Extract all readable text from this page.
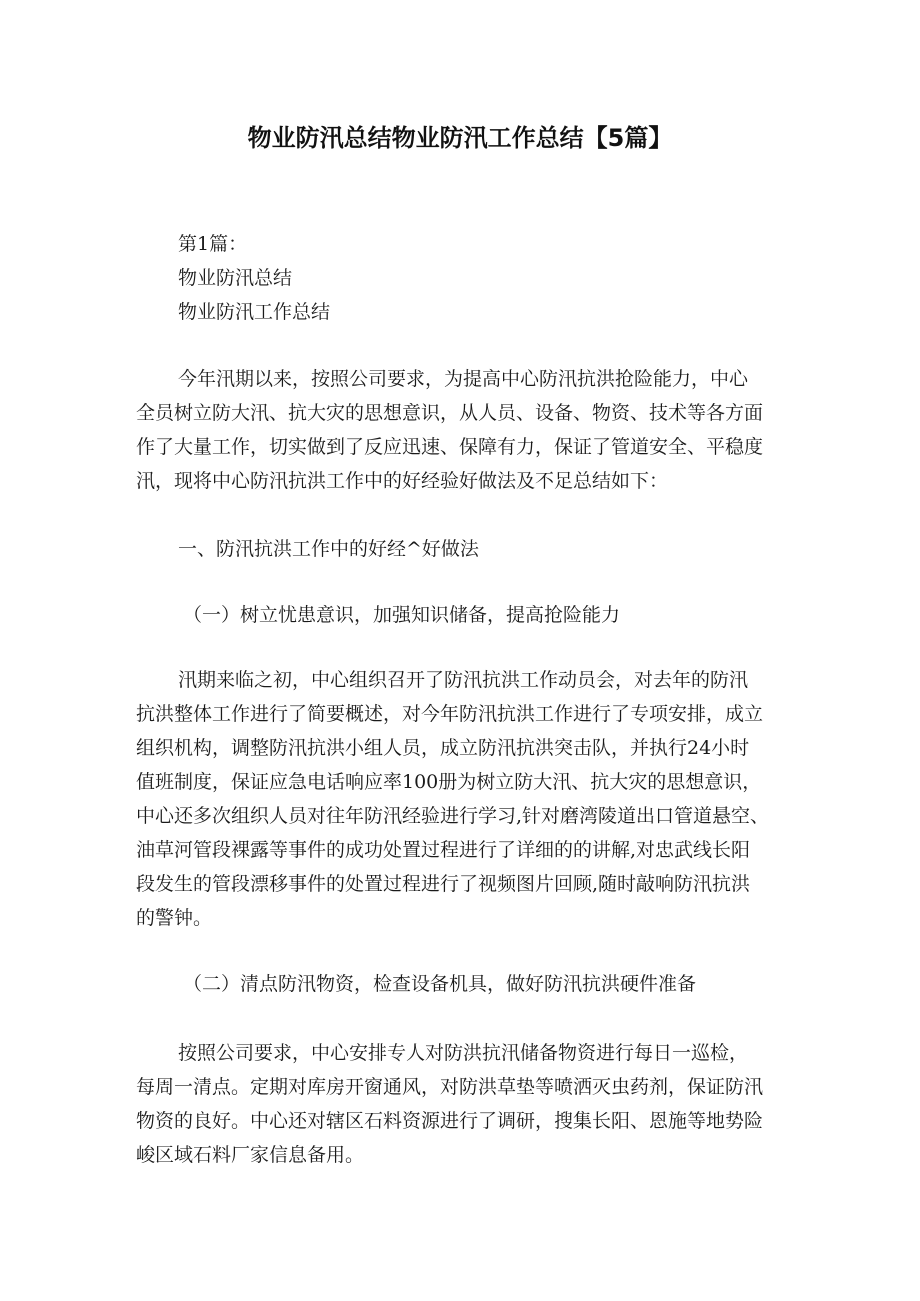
物业防汛总结物业防汛工作总结【5篇】
第1篇：
物业防汛总结
物业防汛工作总结
今年汛期以来，按照公司要求，为提高中心防汛抗洪抢险能力，中心
全员树立防大汛、抗大灾的思想意识，从人员、设备、物资、技术等各方面
作了大量工作，切实做到了反应迅速、保障有力，保证了管道安全、平稳度
汛，现将中心防汛抗洪工作中的好经验好做法及不足总结如下：
一、防汛抗洪工作中的好经^好做法
（一）树立忧患意识，加强知识储备，提高抢险能力
汛期来临之初，中心组织召开了防汛抗洪工作动员会，对去年的防汛
抗洪整体工作进行了简要概述，对今年防汛抗洪工作进行了专项安排，成立
组织机构，调整防汛抗洪小组人员，成立防汛抗洪突击队，并执行24小时
值班制度，保证应急电话响应率100册为树立防大汛、抗大灾的思想意识，
中心还多次组织人员对往年防汛经验进行学习,针对磨湾陵道出口管道悬空、
油草河管段裸露等事件的成功处置过程进行了详细的的讲解,对忠武线长阳
段发生的管段漂移事件的处置过程进行了视频图片回顾,随时敲响防汛抗洪
的警钟。
（二）清点防汛物资，检查设备机具，做好防汛抗洪硬件准备
按照公司要求，中心安排专人对防洪抗汛储备物资进行每日一巡检，
每周一清点。定期对库房开窗通风，对防洪草垫等喷洒灭虫药剂，保证防汛
物资的良好。中心还对辖区石料资源进行了调研，搜集长阳、恩施等地势险
峻区域石料厂家信息备用。
